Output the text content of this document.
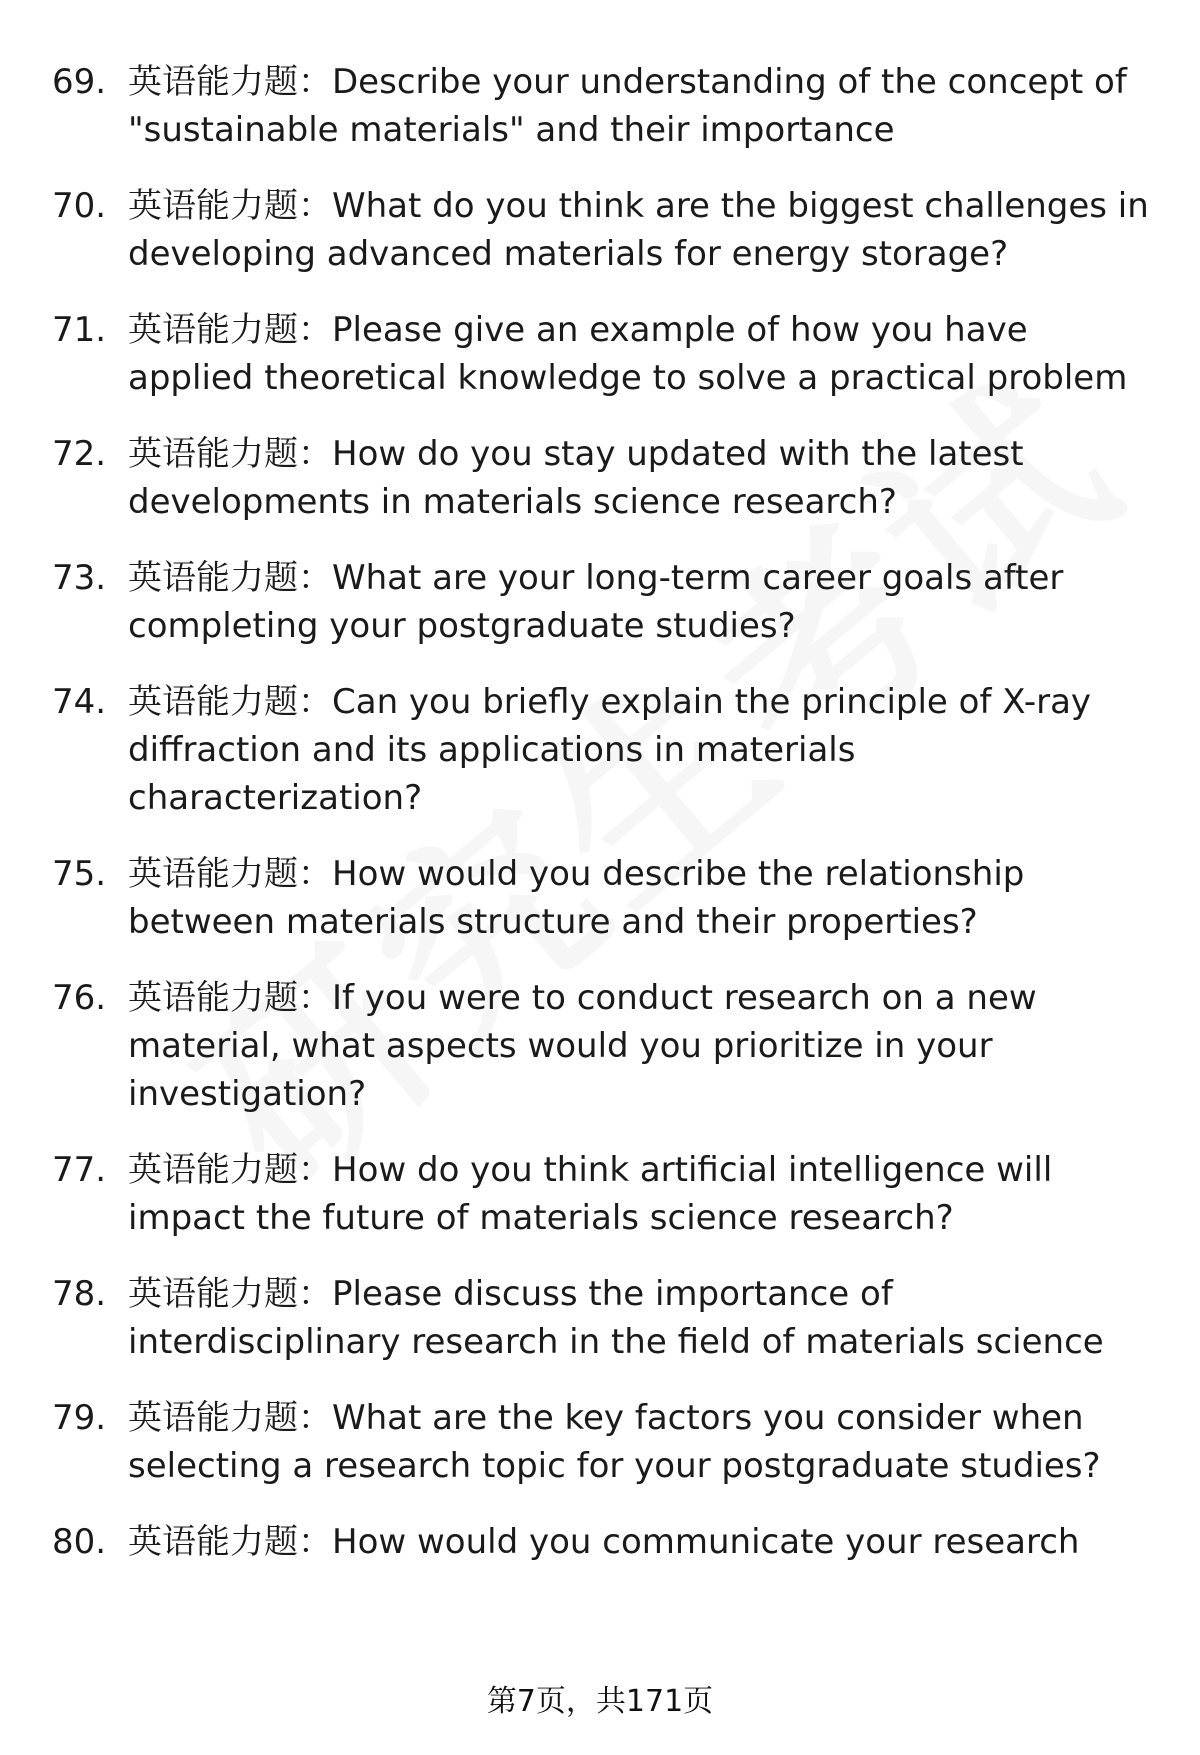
69. 英语能力题：Describe your understanding of the concept of "sustainable materials" and their importance
70. 英语能力题：What do you think are the biggest challenges in developing advanced materials for energy storage?
71. 英语能力题：Please give an example of how you have applied theoretical knowledge to solve a practical problem
72. 英语能力题：How do you stay updated with the latest developments in materials science research?
73. 英语能力题：What are your long-term career goals after completing your postgraduate studies?
74. 英语能力题：Can you briefly explain the principle of X-ray diffraction and its applications in materials characterization?
75. 英语能力题：How would you describe the relationship between materials structure and their properties?
76. 英语能力题：If you were to conduct research on a new material, what aspects would you prioritize in your investigation?
77. 英语能力题：How do you think artificial intelligence will impact the future of materials science research?
78. 英语能力题：Please discuss the importance of interdisciplinary research in the field of materials science
79. 英语能力题：What are the key factors you consider when selecting a research topic for your postgraduate studies?
80. 英语能力题：How would you communicate your research
第7页，共171页
